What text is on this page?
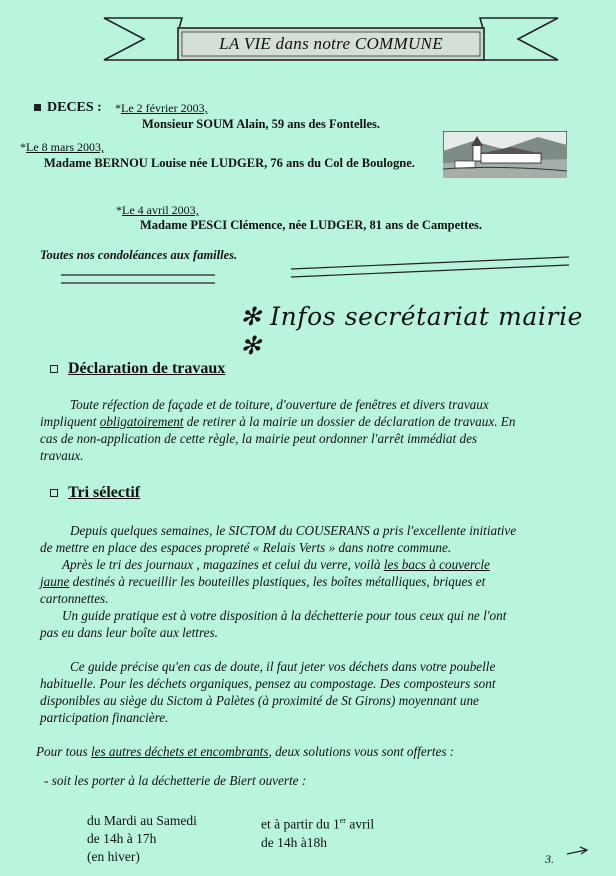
LA VIE dans notre COMMUNE
DECES : *Le 2 février 2003,
Monsieur SOUM Alain, 59 ans des Fontelles.
*Le 8 mars 2003,
Madame BERNOU Louise née LUDGER, 76 ans du Col de Boulogne.
*Le 4 avril 2003,
Madame PESCI Clémence, née LUDGER, 81 ans de Campettes.
Toutes nos condoléances aux familles.
✻ Infos secrétariat mairie ✻
Déclaration de travaux
Toute réfection de façade et de toiture, d'ouverture de fenêtres et divers travaux
impliquent obligatoirement de retirer à la mairie un dossier de déclaration de travaux. En
cas de non-application de cette règle, la mairie peut ordonner l'arrêt immédiat des
travaux.
Tri sélectif
Depuis quelques semaines, le SICTOM du COUSERANS a pris l'excellente initiative
de mettre en place des espaces propreté « Relais Verts » dans notre commune.
Après le tri des journaux , magazines et celui du verre, voilà les bacs à couvercle
jaune destinés à recueillir les bouteilles plastiques, les boîtes métalliques, briques et
cartonnettes.
Un guide pratique est à votre disposition à la déchetterie pour tous ceux qui ne l'ont
pas eu dans leur boîte aux lettres.
Ce guide précise qu'en cas de doute, il faut jeter vos déchets dans votre poubelle
habituelle. Pour les déchets organiques, pensez au compostage. Des composteurs sont
disponibles au siège du Sictom à Palètes (à proximité de St Girons) moyennant une
participation financière.
Pour tous les autres déchets et encombrants, deux solutions vous sont offertes :
- soit les porter à la déchetterie de Biert ouverte :
du Mardi au Samedi
de 14h à 17h
(en hiver)
et à partir du 1er avril
de 14h à18h
3.
